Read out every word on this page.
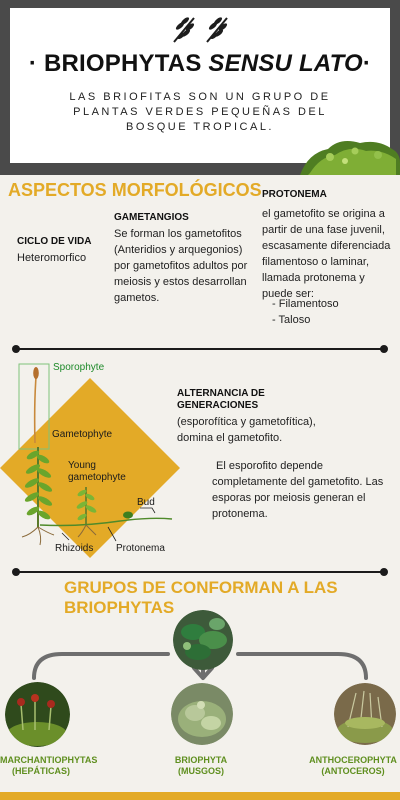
· BRIOPHYTAS SENSU LATO·
LAS BRIOFITAS SON UN GRUPO DE PLANTAS VERDES PEQUEÑAS DEL BOSQUE TROPICAL.
ASPECTOS MORFOLÓGICOS
CICLO DE VIDA
Heteromorfico
GAMETANGIOS
Se forman los gametofitos (Anteridios y arquegonios) por gametofitos adultos por meiosis y estos desarrollan gametos.
PROTONEMA
el gametofito se origina a partir de una fase juvenil, escasamente diferenciada filamentoso o laminar, llamada protonema y puede ser:
- Filamentoso
- Taloso
Sporophyte
Gametophyte
Young
gametophyte
Bud
Rhizoids Protonema
ALTERNANCIA DE GENERACIONES
(esporofítica y gametofítica), domina el gametofito.
El esporofito depende completamente del gametofito. Las esporas por meiosis generan el protonema.
GRUPOS DE CONFORMAN A LAS BRIOPHYTAS
MARCHANTIOPHYTAS
(HEPÁTICAS)
BRIOPHYTA
(MUSGOS)
ANTHOCEROPHYTA
(ANTOCEROS)
